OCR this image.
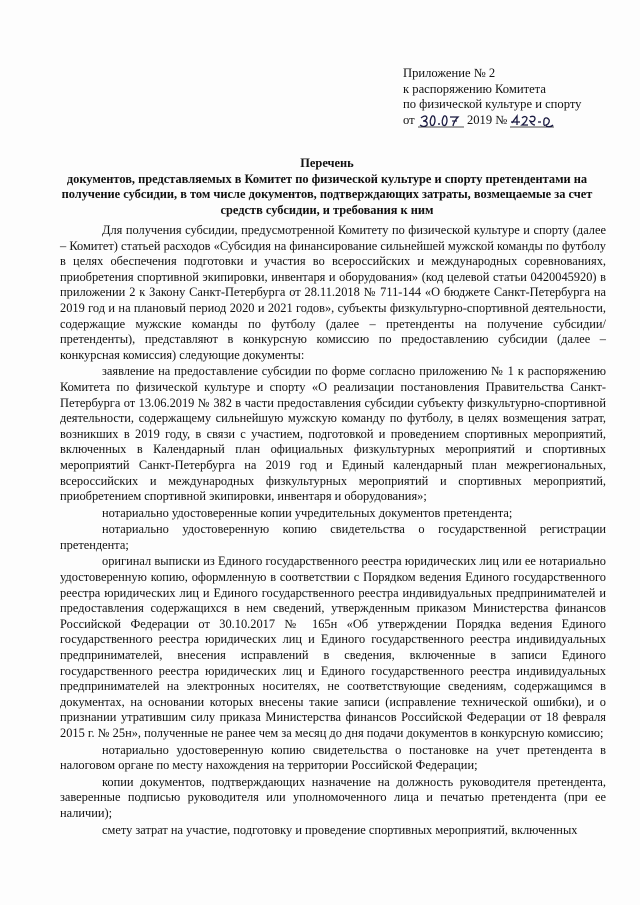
Приложение № 2
к распоряжению Комитета
по физической культуре и спорту
от	2019 №
Перечень
документов, представляемых в Комитет по физической культуре и спорту претендентами на получение субсидии, в том числе документов, подтверждающих затраты, возмещаемые за счет средств субсидии, и требования к ним

Для получения субсидии, предусмотренной Комитету по физической культуре и спорту (далее – Комитет) статьей расходов «Субсидия на финансирование сильнейшей мужской команды по футболу в целях обеспечения подготовки и участия во всероссийских и международных соревнованиях, приобретения спортивной экипировки, инвентаря и оборудования» (код целевой статьи 0420045920) в приложении 2 к Закону Санкт-Петербурга от 28.11.2018 № 711-144 «О бюджете Санкт-Петербурга на 2019 год и на плановый период 2020 и 2021 годов», субъекты физкультурно-спортивной деятельности, содержащие мужские команды по футболу (далее – претенденты на получение субсидии/претенденты), представляют в конкурсную комиссию по предоставлению субсидии (далее – конкурсная комиссия) следующие документы:

заявление на предоставление субсидии по форме согласно приложению № 1 к распоряжению Комитета по физической культуре и спорту «О реализации постановления Правительства Санкт-Петербурга от 13.06.2019 № 382 в части предоставления субсидии субъекту физкультурно-спортивной деятельности, содержащему сильнейшую мужскую команду по футболу, в целях возмещения затрат, возникших в 2019 году, в связи с участием, подготовкой и проведением спортивных мероприятий, включенных в Календарный план официальных физкультурных мероприятий и спортивных мероприятий Санкт-Петербурга на 2019 год и Единый календарный план межрегиональных, всероссийских и международных физкультурных мероприятий и спортивных мероприятий, приобретением спортивной экипировки, инвентаря и оборудования»;

нотариально удостоверенные копии учредительных документов претендента;

нотариально удостоверенную копию свидетельства о государственной регистрации претендента;

оригинал выписки из Единого государственного реестра юридических лиц или ее нотариально удостоверенную копию, оформленную в соответствии с Порядком ведения Единого государственного реестра юридических лиц и Единого государственного реестра индивидуальных предпринимателей и предоставления содержащихся в нем сведений, утвержденным приказом Министерства финансов Российской Федерации от 30.10.2017 № 165н «Об утверждении Порядка ведения Единого государственного реестра юридических лиц и Единого государственного реестра индивидуальных предпринимателей, внесения исправлений в сведения, включенные в записи Единого государственного реестра юридических лиц и Единого государственного реестра индивидуальных предпринимателей на электронных носителях, не соответствующие сведениям, содержащимся в документах, на основании которых внесены такие записи (исправление технической ошибки), и о признании утратившим силу приказа Министерства финансов Российской Федерации от 18 февраля 2015 г. № 25н», полученные не ранее чем за месяц до дня подачи документов в конкурсную комиссию;

нотариально удостоверенную копию свидетельства о постановке на учет претендента в налоговом органе по месту нахождения на территории Российской Федерации;

копии документов, подтверждающих назначение на должность руководителя претендента, заверенные подписью руководителя или уполномоченного лица и печатью претендента (при ее наличии);

смету затрат на участие, подготовку и проведение спортивных мероприятий, включенных
